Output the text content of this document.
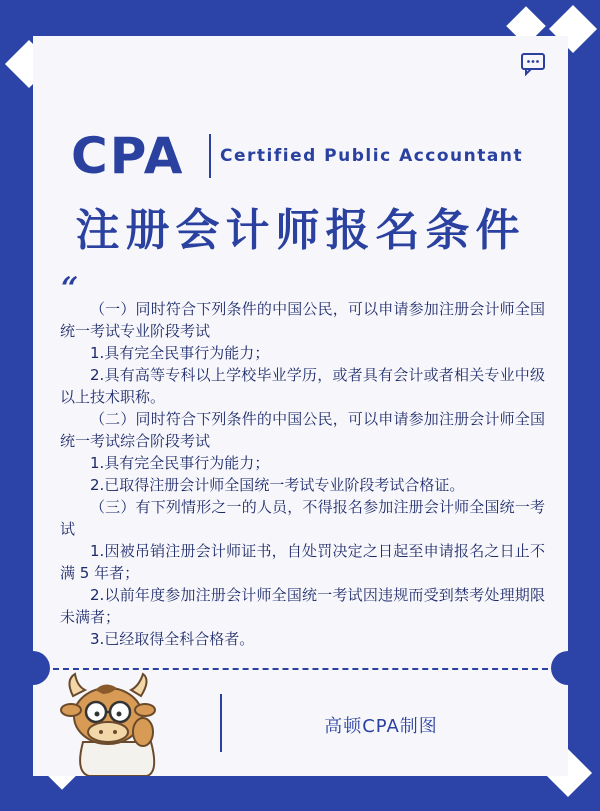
CPA Certified Public Accountant
注册会计师报名条件
“

（一）同时符合下列条件的中国公民，可以申请参加注册会计师全国统一考试专业阶段考试

1.具有完全民事行为能力；

2.具有高等专科以上学校毕业学历，或者具有会计或者相关专业中级以上技术职称。

（二）同时符合下列条件的中国公民，可以申请参加注册会计师全国统一考试综合阶段考试

1.具有完全民事行为能力；

2.已取得注册会计师全国统一考试专业阶段考试合格证。

（三）有下列情形之一的人员，不得报名参加注册会计师全国统一考试

1.因被吊销注册会计师证书，自处罚决定之日起至申请报名之日止不满 5 年者；

2.以前年度参加注册会计师全国统一考试因违规而受到禁考处理期限未满者；

3.已经取得全科合格者。

高顿CPA制图
